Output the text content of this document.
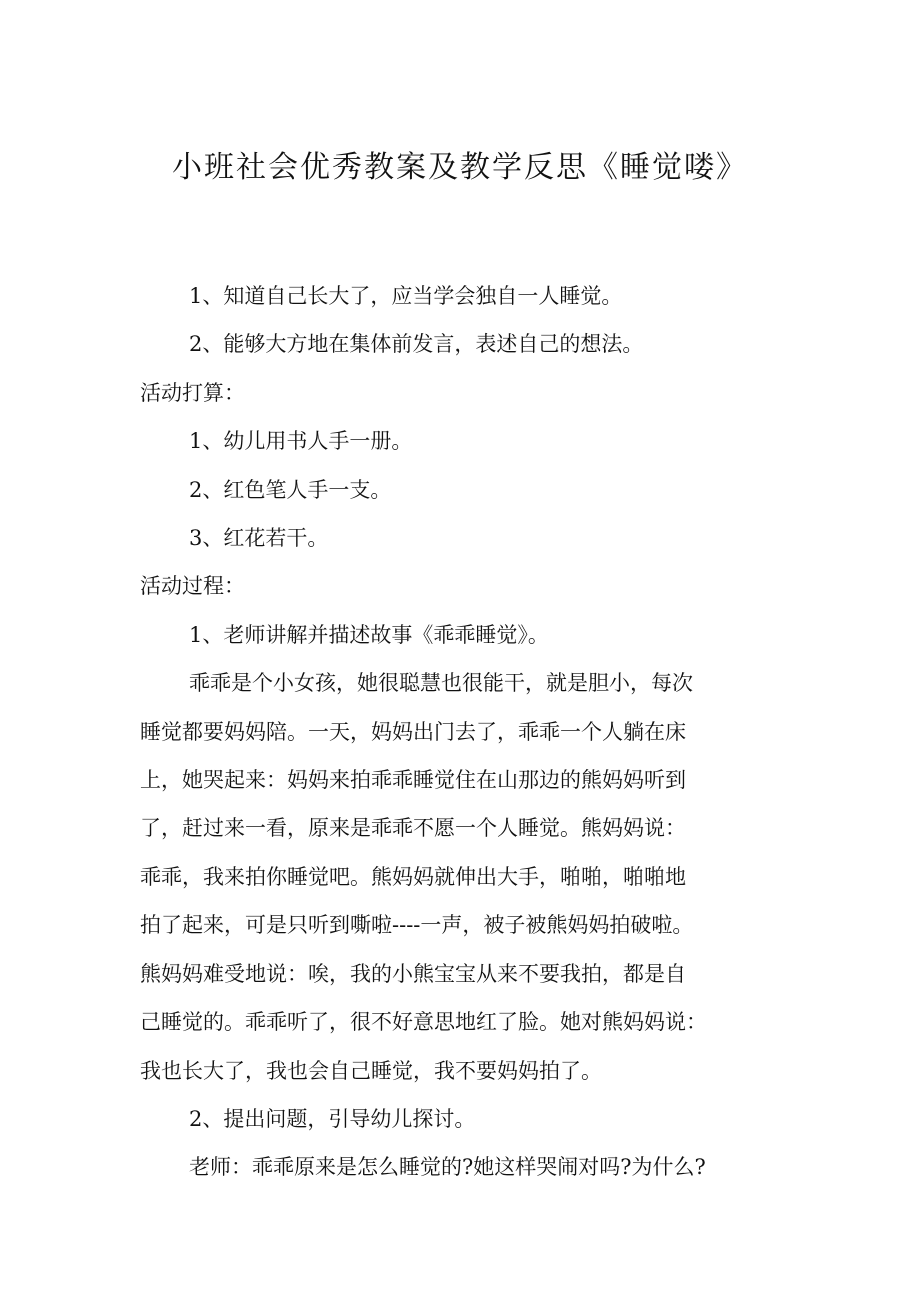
小班社会优秀教案及教学反思《睡觉喽》

1、知道自己长大了，应当学会独自一人睡觉。

2、能够大方地在集体前发言，表述自己的想法。

活动打算：

1、幼儿用书人手一册。

2、红色笔人手一支。

3、红花若干。

活动过程：

1、老师讲解并描述故事《乖乖睡觉》。

乖乖是个小女孩，她很聪慧也很能干，就是胆小，每次
睡觉都要妈妈陪。一天，妈妈出门去了，乖乖一个人躺在床
上，她哭起来：妈妈来拍乖乖睡觉住在山那边的熊妈妈听到
了，赶过来一看，原来是乖乖不愿一个人睡觉。熊妈妈说：
乖乖，我来拍你睡觉吧。熊妈妈就伸出大手，啪啪，啪啪地
拍了起来，可是只听到嘶啦----一声，被子被熊妈妈拍破啦。
熊妈妈难受地说：唉，我的小熊宝宝从来不要我拍，都是自
己睡觉的。乖乖听了，很不好意思地红了脸。她对熊妈妈说：
我也长大了，我也会自己睡觉，我不要妈妈拍了。

2、提出问题，引导幼儿探讨。

老师：乖乖原来是怎么睡觉的?她这样哭闹对吗?为什么?
